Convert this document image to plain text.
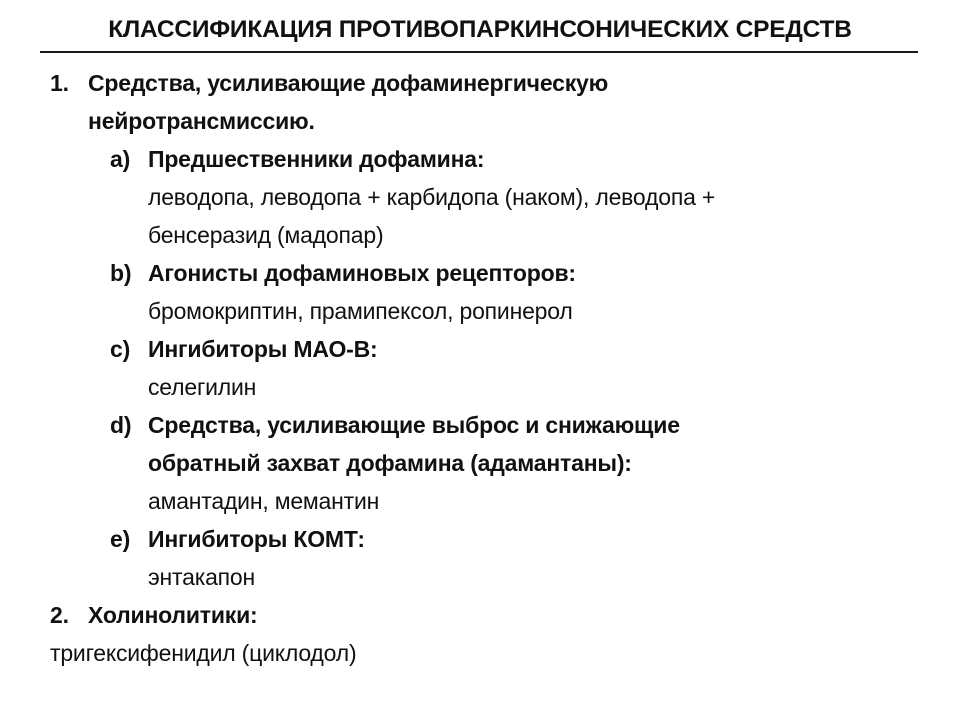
КЛАССИФИКАЦИЯ ПРОТИВОПАРКИНСОНИЧЕСКИХ СРЕДСТВ
1. Средства, усиливающие дофаминергическую
нейротрансмиссию.
a) Предшественники дофамина:
леводопа, леводопа + карбидопа (наком), леводопа +
бенсеразид (мадопар)
b) Агонисты дофаминовых рецепторов:
бромокриптин, прамипексол, ропинерол
c) Ингибиторы МАО-В:
селегилин
d) Средства, усиливающие выброс и снижающие
обратный захват дофамина (адамантаны):
амантадин, мемантин
e) Ингибиторы КОМТ:
энтакапон
2. Холинолитики:
тригексифенидил (циклодол)
